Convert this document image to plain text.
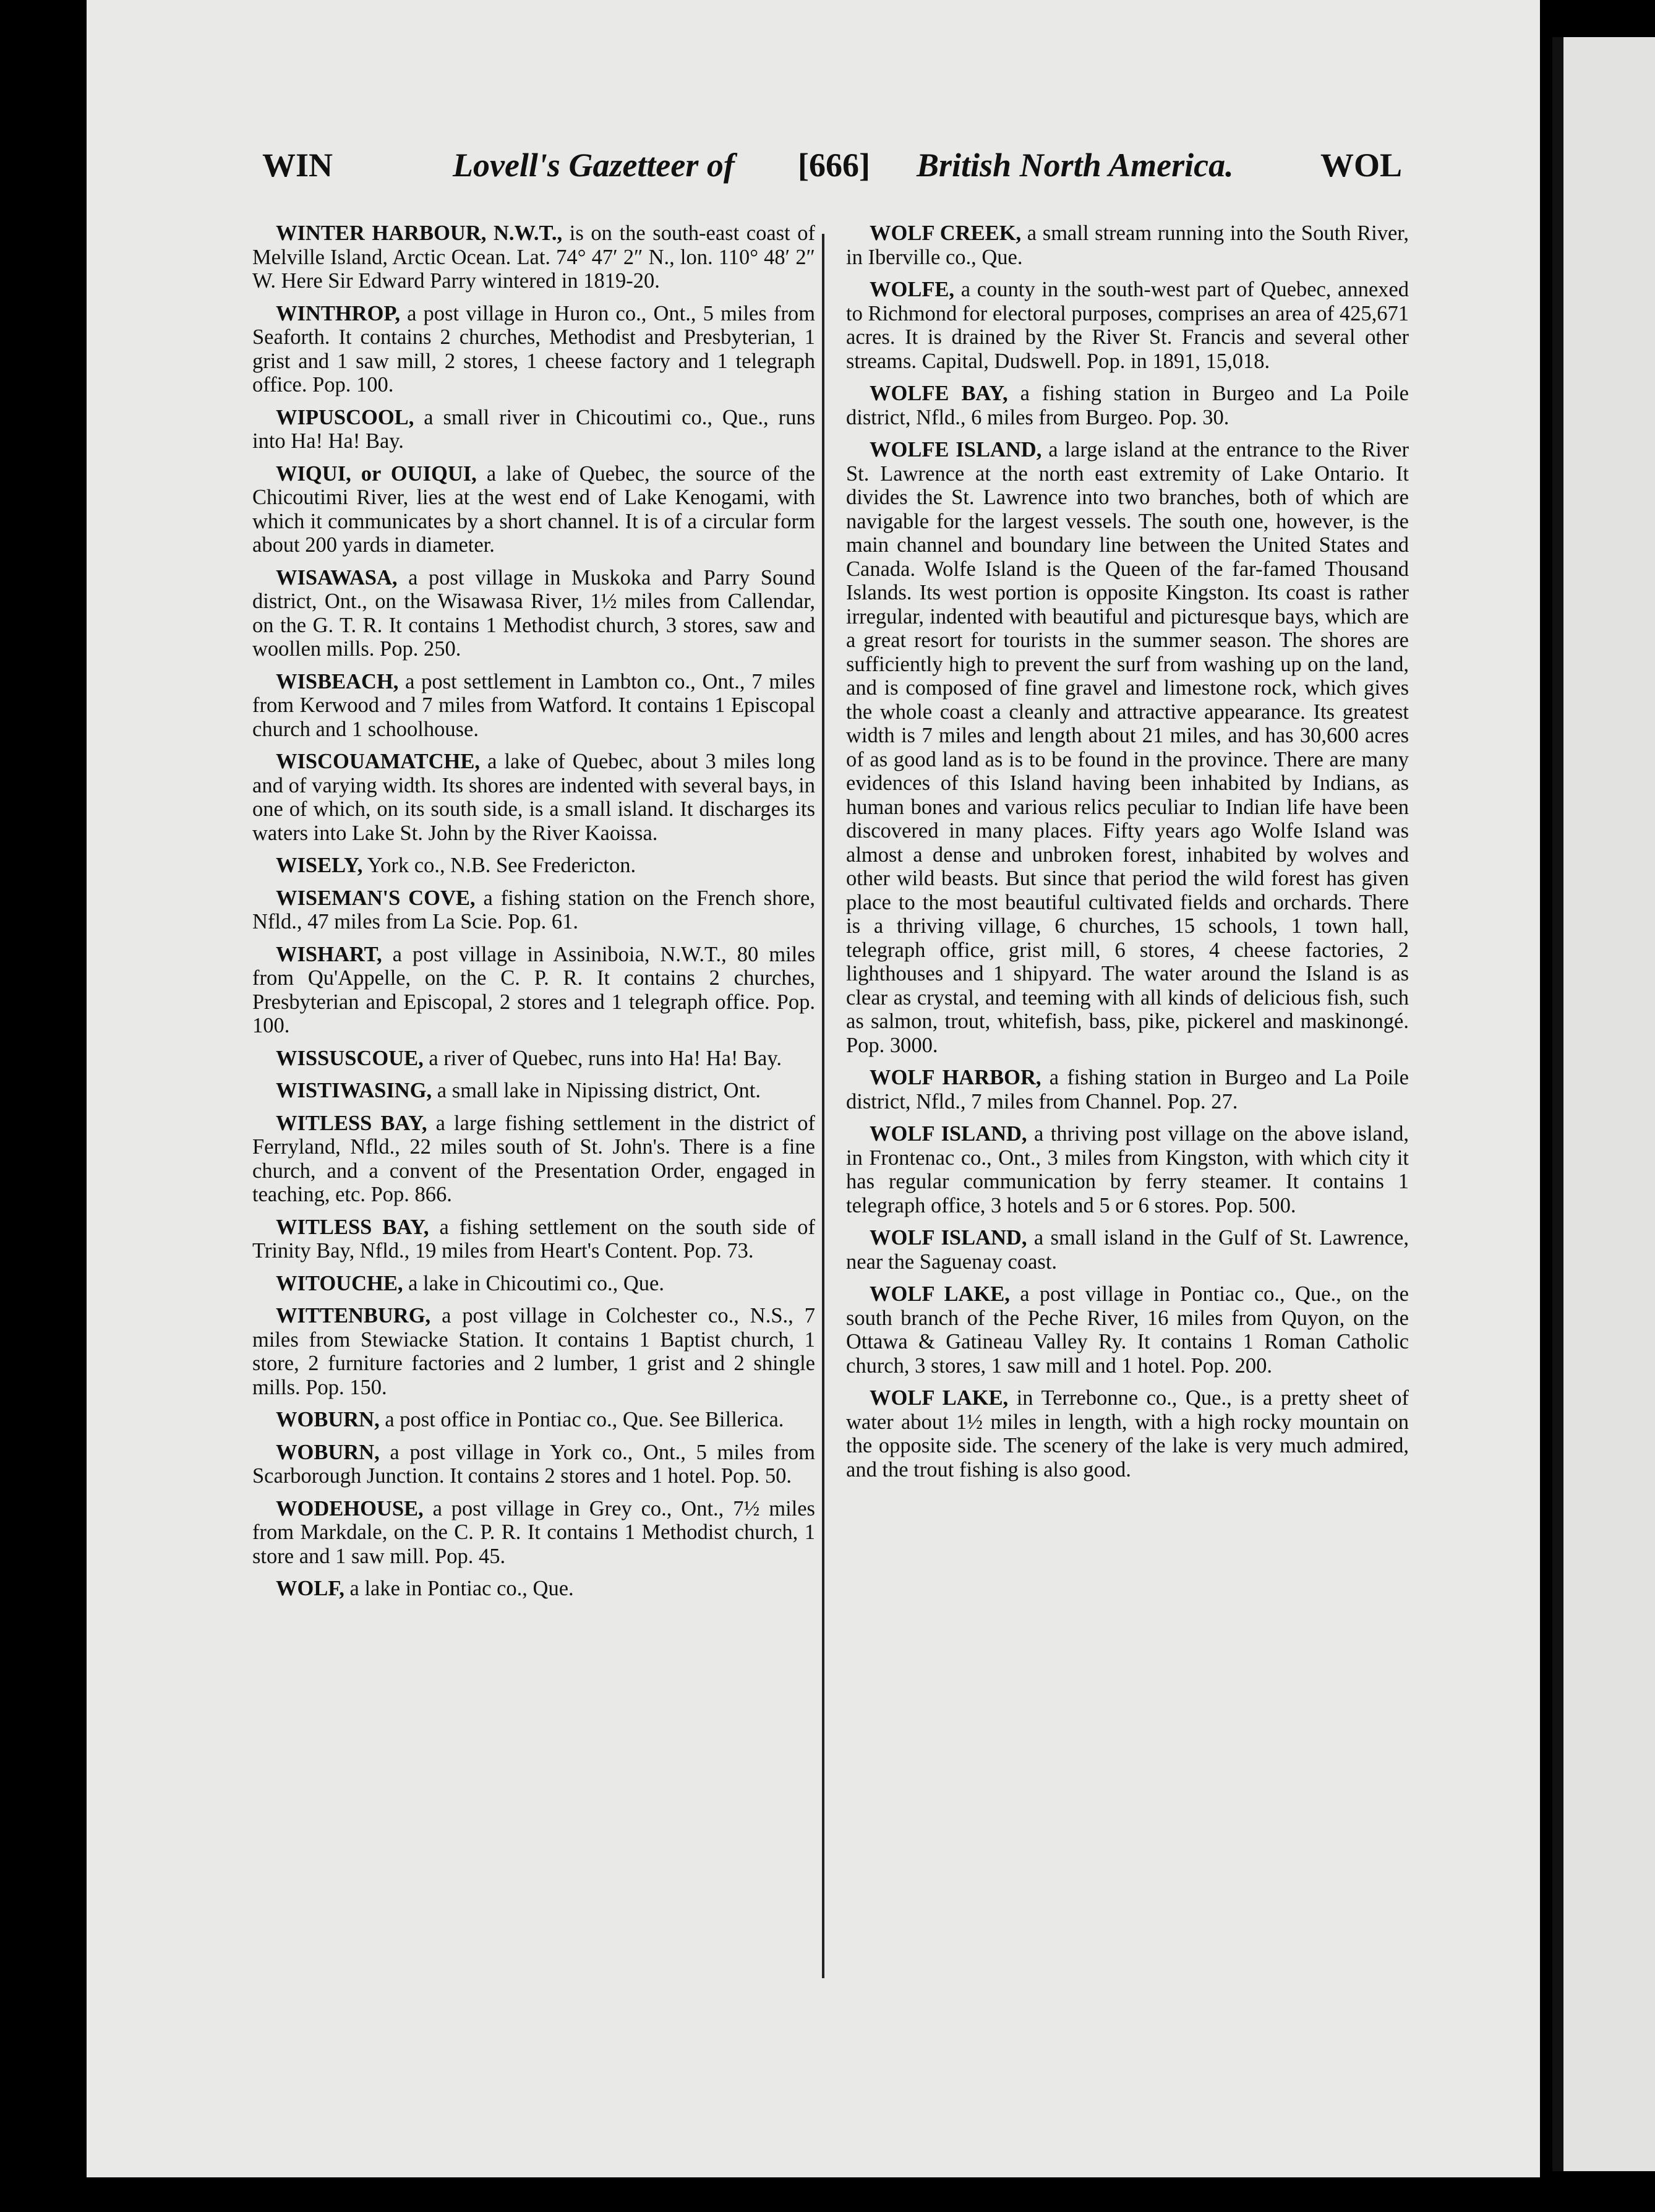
WIN	Lovell's Gazetteer of [666] British North America.	WOL

WINTER HARBOUR, N.W.T., is on the south-east coast of Melville Island, Arctic Ocean. Lat. 74° 47′ 2″ N., lon. 110° 48′ 2″ W. Here Sir Edward Parry wintered in 1819-20.

WINTHROP, a post village in Huron co., Ont., 5 miles from Seaforth. It contains 2 churches, Methodist and Presbyterian, 1 grist and 1 saw mill, 2 stores, 1 cheese factory and 1 telegraph office. Pop. 100.

WIPUSCOOL, a small river in Chicoutimi co., Que., runs into Ha! Ha! Bay.

WIQUI, or OUIQUI, a lake of Quebec, the source of the Chicoutimi River, lies at the west end of Lake Kenogami, with which it communicates by a short channel. It is of a circular form about 200 yards in diameter.

WISAWASA, a post village in Muskoka and Parry Sound district, Ont., on the Wisawasa River, 1½ miles from Callendar, on the G. T. R. It contains 1 Methodist church, 3 stores, saw and woollen mills. Pop. 250.

WISBEACH, a post settlement in Lambton co., Ont., 7 miles from Kerwood and 7 miles from Watford. It contains 1 Episcopal church and 1 schoolhouse.

WISCOUAMATCHE, a lake of Quebec, about 3 miles long and of varying width. Its shores are indented with several bays, in one of which, on its south side, is a small island. It discharges its waters into Lake St. John by the River Kaoissa.

WISELY, York co., N.B. See Fredericton.

WISEMAN'S COVE, a fishing station on the French shore, Nfld., 47 miles from La Scie. Pop. 61.

WISHART, a post village in Assiniboia, N.W.T., 80 miles from Qu'Appelle, on the C. P. R. It contains 2 churches, Presbyterian and Episcopal, 2 stores and 1 telegraph office. Pop. 100.

WISSUSCOUE, a river of Quebec, runs into Ha! Ha! Bay.

WISTIWASING, a small lake in Nipissing district, Ont.

WITLESS BAY, a large fishing settlement in the district of Ferryland, Nfld., 22 miles south of St. John's. There is a fine church, and a convent of the Presentation Order, engaged in teaching, etc. Pop. 866.

WITLESS BAY, a fishing settlement on the south side of Trinity Bay, Nfld., 19 miles from Heart's Content. Pop. 73.

WITOUCHE, a lake in Chicoutimi co., Que.

WITTENBURG, a post village in Colchester co., N.S., 7 miles from Stewiacke Station. It contains 1 Baptist church, 1 store, 2 furniture factories and 2 lumber, 1 grist and 2 shingle mills. Pop. 150.

WOBURN, a post office in Pontiac co., Que. See Billerica.

WOBURN, a post village in York co., Ont., 5 miles from Scarborough Junction. It contains 2 stores and 1 hotel. Pop. 50.

WODEHOUSE, a post village in Grey co., Ont., 7½ miles from Markdale, on the C. P. R. It contains 1 Methodist church, 1 store and 1 saw mill. Pop. 45.

WOLF, a lake in Pontiac co., Que.

WOLF CREEK, a small stream running into the South River, in Iberville co., Que.

WOLFE, a county in the south-west part of Quebec, annexed to Richmond for electoral purposes, comprises an area of 425,671 acres. It is drained by the River St. Francis and several other streams. Capital, Dudswell. Pop. in 1891, 15,018.

WOLFE BAY, a fishing station in Burgeo and La Poile district, Nfld., 6 miles from Burgeo. Pop. 30.

WOLFE ISLAND, a large island at the entrance to the River St. Lawrence at the north east extremity of Lake Ontario. It divides the St. Lawrence into two branches, both of which are navigable for the largest vessels. The south one, however, is the main channel and boundary line between the United States and Canada. Wolfe Island is the Queen of the far-famed Thousand Islands. Its west portion is opposite Kingston. Its coast is rather irregular, indented with beautiful and picturesque bays, which are a great resort for tourists in the summer season. The shores are sufficiently high to prevent the surf from washing up on the land, and is composed of fine gravel and limestone rock, which gives the whole coast a cleanly and attractive appearance. Its greatest width is 7 miles and length about 21 miles, and has 30,600 acres of as good land as is to be found in the province. There are many evidences of this Island having been inhabited by Indians, as human bones and various relics peculiar to Indian life have been discovered in many places. Fifty years ago Wolfe Island was almost a dense and unbroken forest, inhabited by wolves and other wild beasts. But since that period the wild forest has given place to the most beautiful cultivated fields and orchards. There is a thriving village, 6 churches, 15 schools, 1 town hall, telegraph office, grist mill, 6 stores, 4 cheese factories, 2 lighthouses and 1 shipyard. The water around the Island is as clear as crystal, and teeming with all kinds of delicious fish, such as salmon, trout, whitefish, bass, pike, pickerel and maskinongé. Pop. 3000.

WOLF HARBOR, a fishing station in Burgeo and La Poile district, Nfld., 7 miles from Channel. Pop. 27.

WOLF ISLAND, a thriving post village on the above island, in Frontenac co., Ont., 3 miles from Kingston, with which city it has regular communication by ferry steamer. It contains 1 telegraph office, 3 hotels and 5 or 6 stores. Pop. 500.

WOLF ISLAND, a small island in the Gulf of St. Lawrence, near the Saguenay coast.

WOLF LAKE, a post village in Pontiac co., Que., on the south branch of the Peche River, 16 miles from Quyon, on the Ottawa & Gatineau Valley Ry. It contains 1 Roman Catholic church, 3 stores, 1 saw mill and 1 hotel. Pop. 200.

WOLF LAKE, in Terrebonne co., Que., is a pretty sheet of water about 1½ miles in length, with a high rocky mountain on the opposite side. The scenery of the lake is very much admired, and the trout fishing is also good.
